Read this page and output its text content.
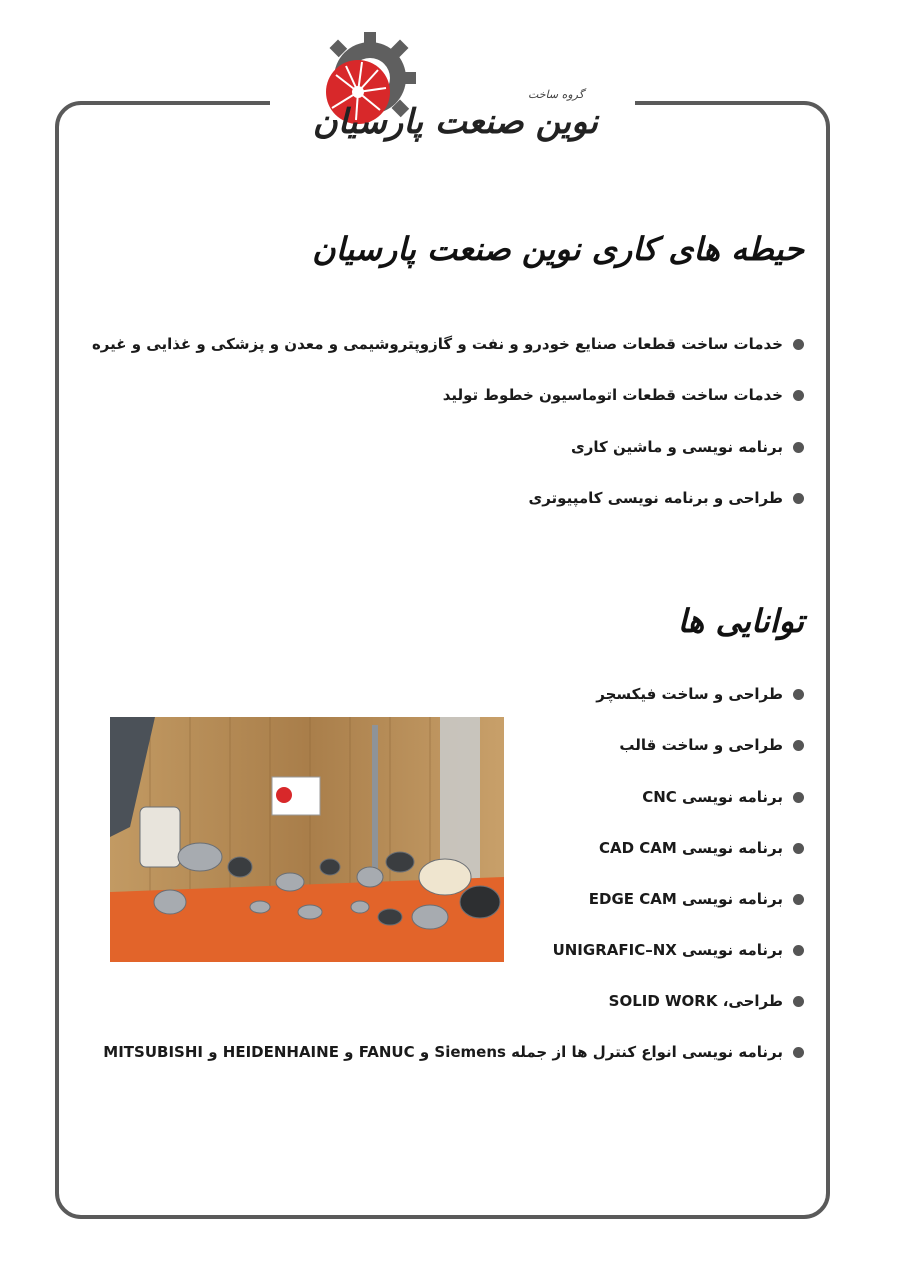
گروه ساخت
نوین صنعت پارسیان
حیطه های کاری نوین صنعت پارسیان
خدمات ساخت قطعات صنایع خودرو و نفت و گازوپتروشیمی و معدن و پزشکی و غذایی و غیره
خدمات ساخت قطعات اتوماسیون خطوط تولید
برنامه نویسی و ماشین کاری
طراحی و برنامه نویسی کامپیوتری
توانایی ها
طراحی و ساخت فیکسچر
طراحی و ساخت قالب
برنامه نویسی CNC
برنامه نویسی CAD CAM
برنامه نویسی EDGE CAM
برنامه نویسی UNIGRAFIC–NX
طراحی، SOLID WORK
برنامه نویسی انواع کنترل ها از جمله Siemens و FANUC و HEIDENHAINE و MITSUBISHI
